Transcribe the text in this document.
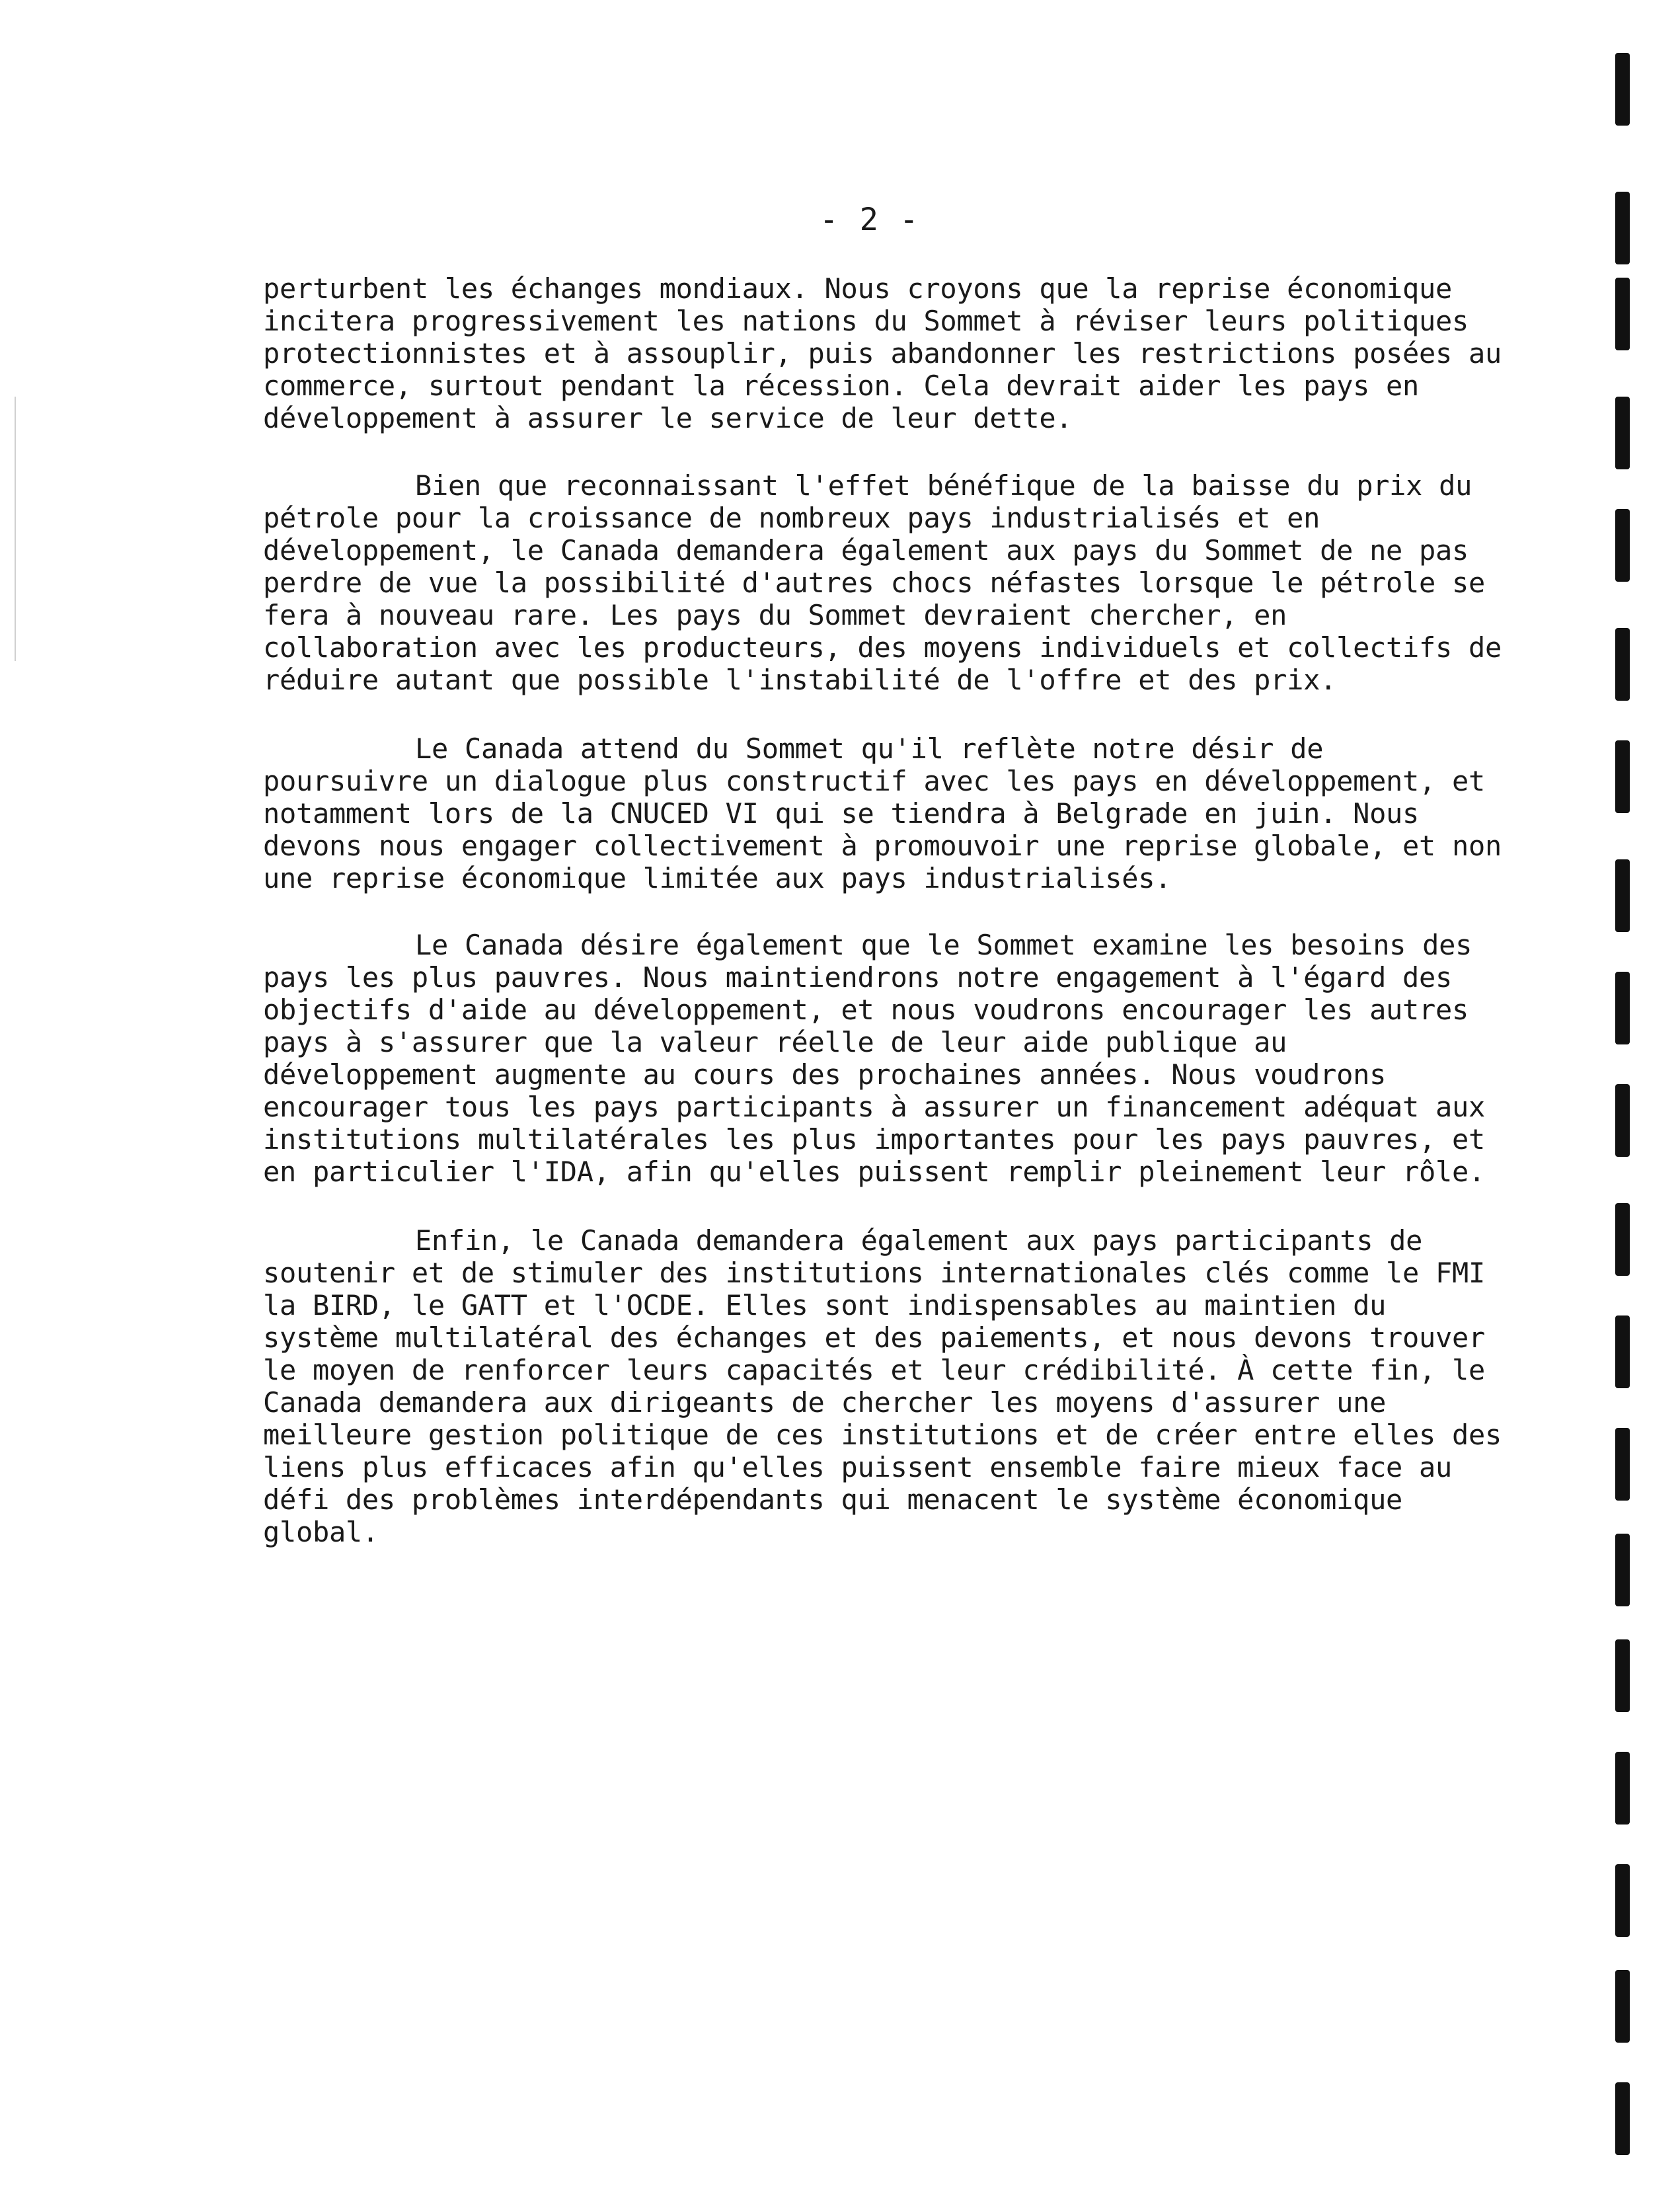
- 2 -
perturbent les échanges mondiaux. Nous croyons que la reprise économique
incitera progressivement les nations du Sommet à réviser leurs politiques
protectionnistes et à assouplir, puis abandonner les restrictions posées au
commerce, surtout pendant la récession. Cela devrait aider les pays en
développement à assurer le service de leur dette.
Bien que reconnaissant l'effet bénéfique de la baisse du prix du
pétrole pour la croissance de nombreux pays industrialisés et en
développement, le Canada demandera également aux pays du Sommet de ne pas
perdre de vue la possibilité d'autres chocs néfastes lorsque le pétrole se
fera à nouveau rare. Les pays du Sommet devraient chercher, en
collaboration avec les producteurs, des moyens individuels et collectifs de
réduire autant que possible l'instabilité de l'offre et des prix.
Le Canada attend du Sommet qu'il reflète notre désir de
poursuivre un dialogue plus constructif avec les pays en développement, et
notamment lors de la CNUCED VI qui se tiendra à Belgrade en juin. Nous
devons nous engager collectivement à promouvoir une reprise globale, et non
une reprise économique limitée aux pays industrialisés.
Le Canada désire également que le Sommet examine les besoins des
pays les plus pauvres. Nous maintiendrons notre engagement à l'égard des
objectifs d'aide au développement, et nous voudrons encourager les autres
pays à s'assurer que la valeur réelle de leur aide publique au
développement augmente au cours des prochaines années. Nous voudrons
encourager tous les pays participants à assurer un financement adéquat aux
institutions multilatérales les plus importantes pour les pays pauvres, et
en particulier l'IDA, afin qu'elles puissent remplir pleinement leur rôle.
Enfin, le Canada demandera également aux pays participants de
soutenir et de stimuler des institutions internationales clés comme le FMI
la BIRD, le GATT et l'OCDE. Elles sont indispensables au maintien du
système multilatéral des échanges et des paiements, et nous devons trouver
le moyen de renforcer leurs capacités et leur crédibilité. À cette fin, le
Canada demandera aux dirigeants de chercher les moyens d'assurer une
meilleure gestion politique de ces institutions et de créer entre elles des
liens plus efficaces afin qu'elles puissent ensemble faire mieux face au
défi des problèmes interdépendants qui menacent le système économique
global.
